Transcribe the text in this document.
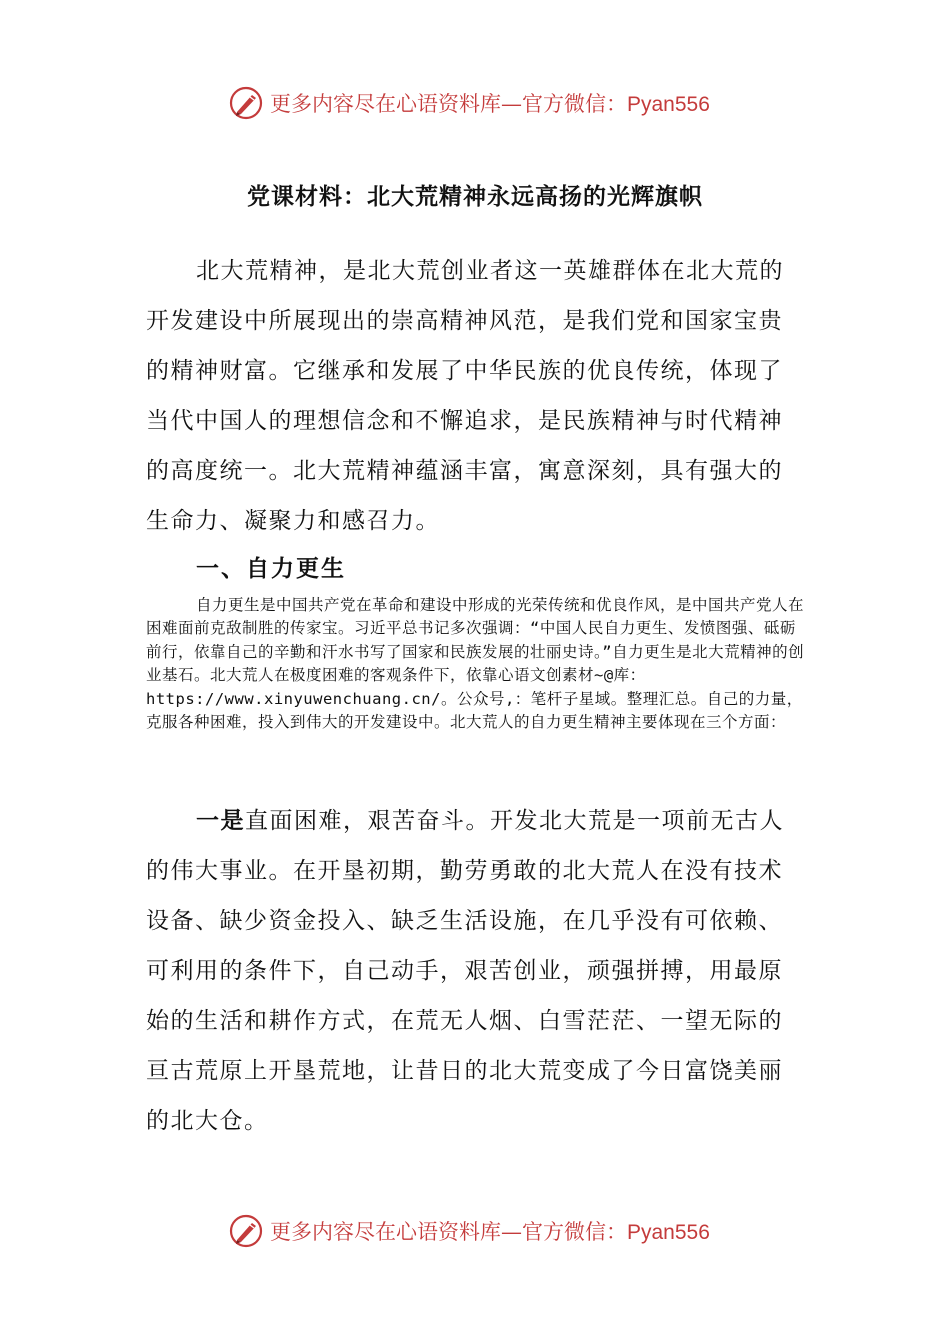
更多内容尽在心语资料库—官方微信：Pyan556
党课材料：北大荒精神永远高扬的光辉旗帜

北大荒精神，是北大荒创业者这一英雄群体在北大荒的开发建设中所展现出的崇高精神风范，是我们党和国家宝贵的精神财富。它继承和发展了中华民族的优良传统，体现了当代中国人的理想信念和不懈追求，是民族精神与时代精神的高度统一。北大荒精神蕴涵丰富，寓意深刻，具有强大的生命力、凝聚力和感召力。

一、自力更生

自力更生是中国共产党在革命和建设中形成的光荣传统和优良作风，是中国共产党人在困难面前克敌制胜的传家宝。习近平总书记多次强调：“中国人民自力更生、发愤图强、砥砺前行，依靠自己的辛勤和汗水书写了国家和民族发展的壮丽史诗。”自力更生是北大荒精神的创业基石。北大荒人在极度困难的客观条件下，依靠心语文创素材~@库：https://www.xinyuwenchuang.cn/。公众号,：笔杆子星域。整理汇总。自己的力量，克服各种困难，投入到伟大的开发建设中。北大荒人的自力更生精神主要体现在三个方面：

一是直面困难，艰苦奋斗。开发北大荒是一项前无古人的伟大事业。在开垦初期，勤劳勇敢的北大荒人在没有技术设备、缺少资金投入、缺乏生活设施，在几乎没有可依赖、可利用的条件下，自己动手，艰苦创业，顽强拼搏，用最原始的生活和耕作方式，在荒无人烟、白雪茫茫、一望无际的亘古荒原上开垦荒地，让昔日的北大荒变成了今日富饶美丽的北大仓。

更多内容尽在心语资料库—官方微信：Pyan556
